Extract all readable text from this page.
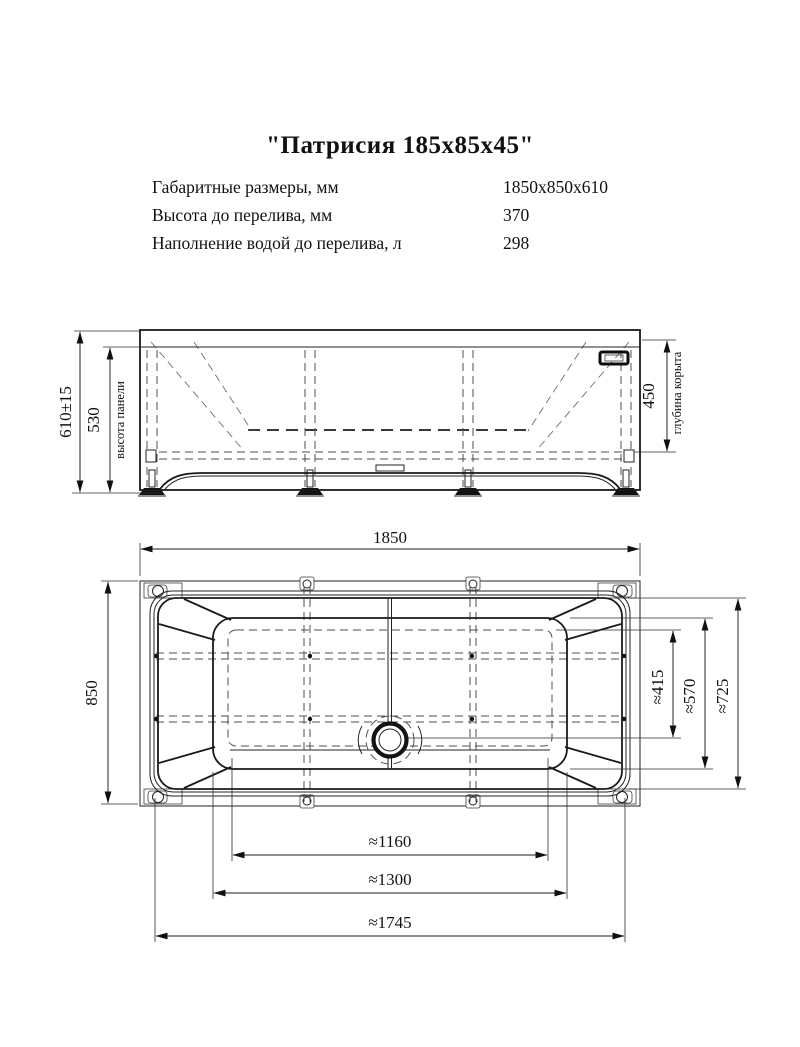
"Патрисия 185х85х45"
Габаритные размеры, мм	1850х850х610
Высота до перелива, мм	370
Наполнение водой до перелива, л	298
610±15 530 высота панели	450 глубина корыта
1850
850	≈415 ≈570 ≈725
≈1160
≈1300
≈1745
